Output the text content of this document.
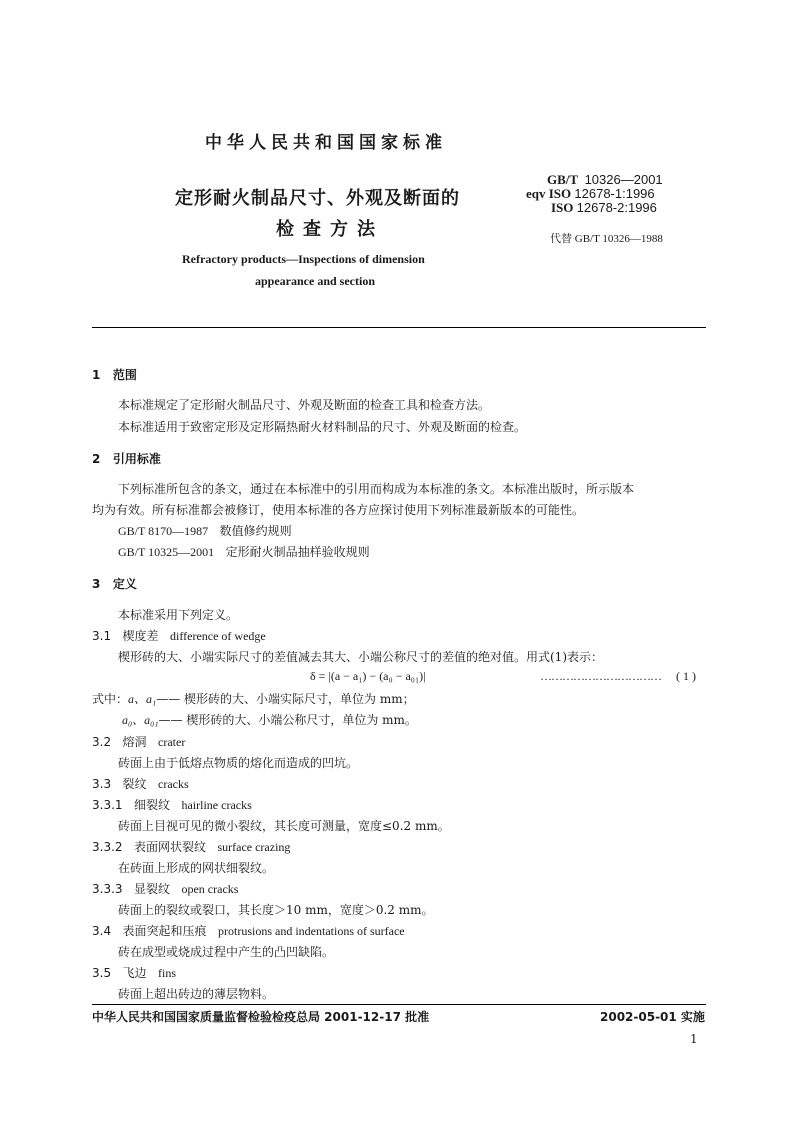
中华人民共和国国家标准
GB/T 10326—2001
eqv ISO 12678-1:1996
ISO 12678-2:1996
代替 GB/T 10326—1988
定形耐火制品尺寸、外观及断面的
检查方法
Refractory products—Inspections of dimension
appearance and section
1 范围
本标准规定了定形耐火制品尺寸、外观及断面的检查工具和检查方法。
本标准适用于致密定形及定形隔热耐火材料制品的尺寸、外观及断面的检查。
2 引用标准
下列标准所包含的条文，通过在本标准中的引用而构成为本标准的条文。本标准出版时，所示版本
均为有效。所有标准都会被修订，使用本标准的各方应探讨使用下列标准最新版本的可能性。
GB/T 8170—1987 数值修约规则
GB/T 10325—2001 定形耐火制品抽样验收规则
3 定义
本标准采用下列定义。
3.1 楔度差 difference of wedge
楔形砖的大、小端实际尺寸的差值减去其大、小端公称尺寸的差值的绝对值。用式(1)表示：
δ = |(a − a₁) − (a₀ − a₀₁)|	…………………………… ( 1 )
式中：a、a₁—— 楔形砖的大、小端实际尺寸，单位为 mm；
a₀、a₀₁—— 楔形砖的大、小端公称尺寸，单位为 mm。
3.2 熔洞 crater
砖面上由于低熔点物质的熔化而造成的凹坑。
3.3 裂纹 cracks
3.3.1 细裂纹 hairline cracks
砖面上目视可见的微小裂纹，其长度可测量，宽度≤0.2 mm。
3.3.2 表面网状裂纹 surface crazing
在砖面上形成的网状细裂纹。
3.3.3 显裂纹 open cracks
砖面上的裂纹或裂口，其长度＞10 mm，宽度＞0.2 mm。
3.4 表面突起和压痕 protrusions and indentations of surface
砖在成型或烧成过程中产生的凸凹缺陷。
3.5 飞边 fins
砖面上超出砖边的薄层物料。
中华人民共和国国家质量监督检验检疫总局 2001-12-17 批准	2002-05-01 实施
1
